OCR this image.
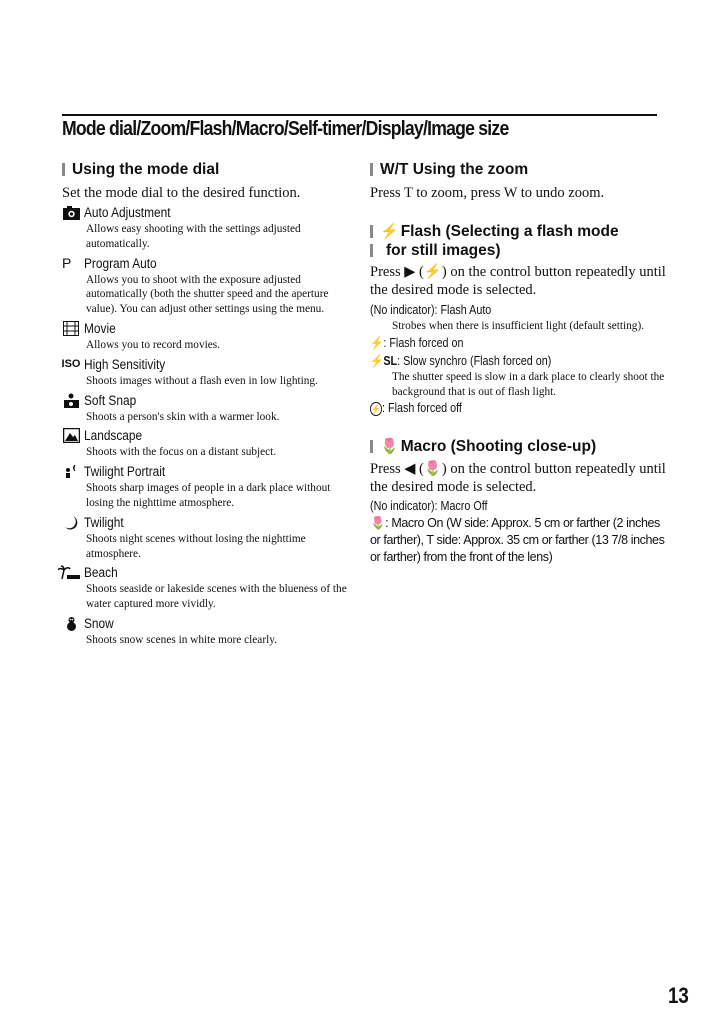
Mode dial/Zoom/Flash/Macro/Self-timer/Display/Image size
Using the mode dial

Set the mode dial to the desired function.

Auto Adjustment
Allows easy shooting with the settings adjusted automatically.
P Program Auto
Allows you to shoot with the exposure adjusted automatically (both the shutter speed and the aperture value). You can adjust other settings using the menu.
Movie
Allows you to record movies.
ISO High Sensitivity
Shoots images without a flash even in low lighting.
Soft Snap
Shoots a person's skin with a warmer look.
Landscape
Shoots with the focus on a distant subject.
Twilight Portrait
Shoots sharp images of people in a dark place without losing the nighttime atmosphere.
Twilight
Shoots night scenes without losing the nighttime atmosphere.
Beach
Shoots seaside or lakeside scenes with the blueness of the water captured more vividly.
Snow
Shoots snow scenes in white more clearly.
W/T Using the zoom

Press T to zoom, press W to undo zoom.

⚡ Flash (Selecting a flash mode
for still images)

Press ▶ (⚡) on the control button repeatedly until the desired mode is selected.

(No indicator): Flash Auto
Strobes when there is insufficient light (default setting).
⚡: Flash forced on
⚡SL: Slow synchro (Flash forced on)
The shutter speed is slow in a dark place to clearly shoot the background that is out of flash light.
⚡: Flash forced off
🌷 Macro (Shooting close-up)

Press ◀ (🌷) on the control button repeatedly until the desired mode is selected.

(No indicator): Macro Off
🌷: Macro On (W side: Approx. 5 cm or farther (2 inches or farther), T side: Approx. 35 cm or farther (13 7/8 inches or farther) from the front of the lens)
13
